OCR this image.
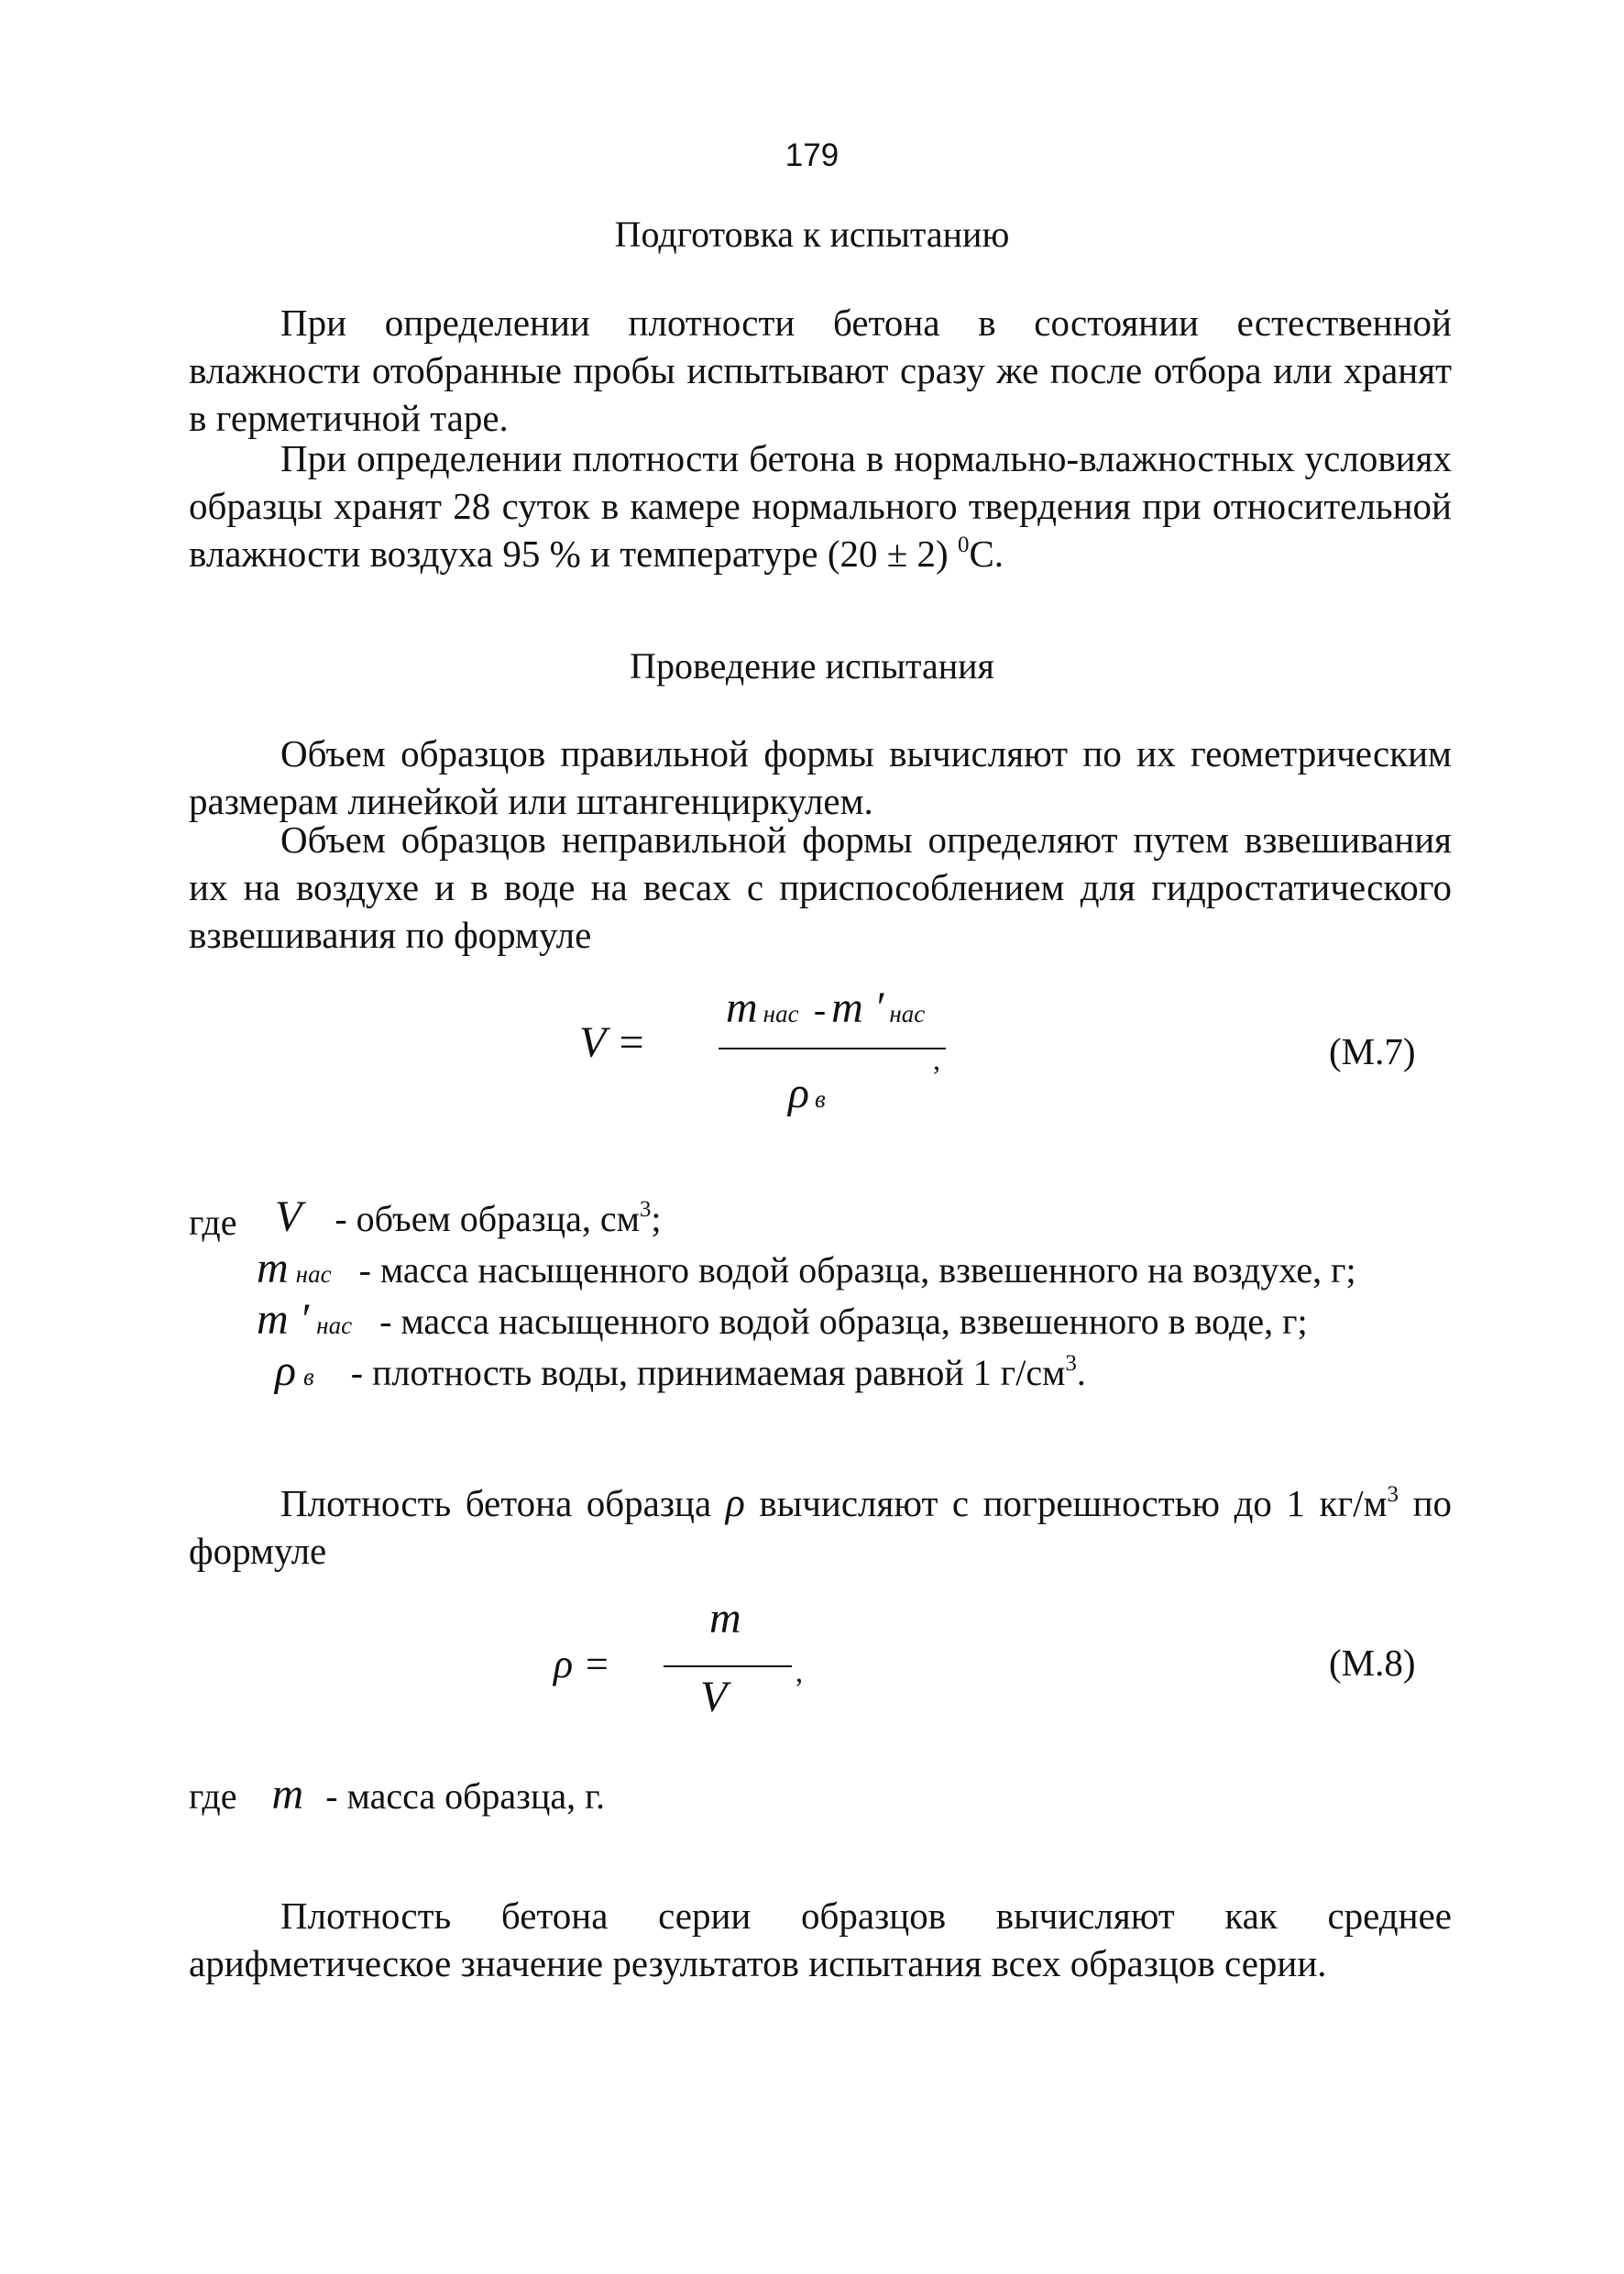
179
Подготовка к испытанию

При определении плотности бетона в состоянии естественной влажности отобранные пробы испытывают сразу же после отбора или хранят в герметичной таре.

При определении плотности бетона в нормально-влажностных условиях образцы хранят 28 суток в камере нормального твердения при относительной влажности воздуха 95 % и температуре (20 ± 2) $^0$С.

Проведение испытания

Объем образцов правильной формы вычисляют по их геометрическим размерам линейкой или штангенциркулем.

Объем образцов неправильной формы определяют путем взвешивания их на воздухе и в воде на весах с приспособлением для гидростатического взвешивания по формуле

V =
mнас - m ′ нас
,
ρв
(М.7)
где V - объем образца, $см^3$;
mнас - масса насыщенного водой образца, взвешенного на воздухе, г;
m ′ нас - масса насыщенного водой образца, взвешенного в воде, г;
ρв - плотность воды, принимаемая равной 1 $г/см^3$.

Плотность бетона образца ρ вычисляют с погрешностью до 1 $кг/м^3$ по формуле

ρ =
m
,
V
(М.8)
где m - масса образца, г.

Плотность бетона серии образцов вычисляют как среднее арифметическое значение результатов испытания всех образцов серии.
